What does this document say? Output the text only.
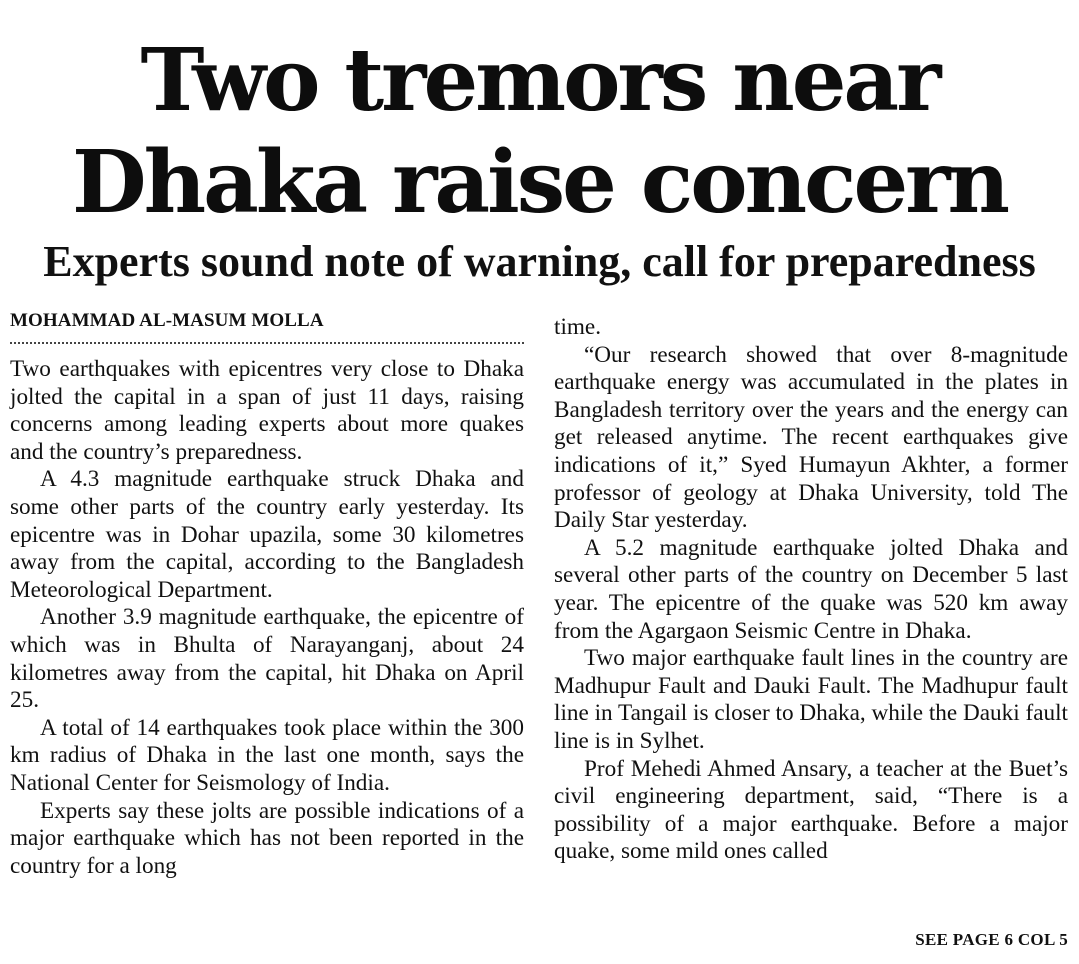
Two tremors near
Dhaka raise concern
Experts sound note of warning, call for preparedness
MOHAMMAD AL-MASUM MOLLA

Two earthquakes with epicentres very close to Dhaka jolted the capital in a span of just 11 days, raising concerns among leading experts about more quakes and the country’s preparedness.

A 4.3 magnitude earthquake struck Dhaka and some other parts of the country early yesterday. Its epicentre was in Dohar upazila, some 30 kilometres away from the capital, according to the Bangladesh Meteorological Department.

Another 3.9 magnitude earthquake, the epicentre of which was in Bhulta of Narayanganj, about 24 kilometres away from the capital, hit Dhaka on April 25.

A total of 14 earthquakes took place within the 300 km radius of Dhaka in the last one month, says the National Center for Seismology of India.

Experts say these jolts are possible indications of a major earthquake which has not been reported in the country for a long

time.

“Our research showed that over 8-magnitude earthquake energy was accumulated in the plates in Bangladesh territory over the years and the energy can get released anytime. The recent earthquakes give indications of it,” Syed Humayun Akhter, a former professor of geology at Dhaka University, told The Daily Star yesterday.

A 5.2 magnitude earthquake jolted Dhaka and several other parts of the country on December 5 last year. The epicentre of the quake was 520 km away from the Agargaon Seismic Centre in Dhaka.

Two major earthquake fault lines in the country are Madhupur Fault and Dauki Fault. The Madhupur fault line in Tangail is closer to Dhaka, while the Dauki fault line is in Sylhet.

Prof Mehedi Ahmed Ansary, a teacher at the Buet’s civil engineering department, said, “There is a possibility of a major earthquake. Before a major quake, some mild ones called

SEE PAGE 6 COL 5
